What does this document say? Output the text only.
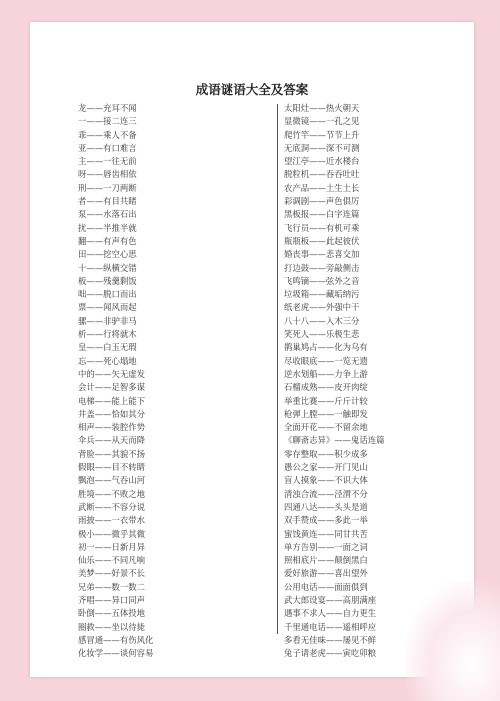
成语谜语大全及答案
龙——充耳不闻
一——接二连三
乖——乘人不备
亚——有口难言
主——一往无前
呀——唇齿相依
刑——一刀两断
者——有目共睹
泵——水落石出
扰——半推半就
翻——有声有色
田——挖空心思
十——纵横交错
板——残羹剩饭
咄——脱口而出
票——闻风而起
骡——非驴非马
析——行将就木
皇——白玉无瑕
忘——死心塌地
中的——矢无虚发
会计——足智多谋
电梯——能上能下
井盖——恰如其分
相声——装腔作势
伞兵——从天而降
背脸——其貌不扬
假眼——目不转睛
飘泡——气吞山河
胜境——不败之地
武断——不容分说
雨披——一衣带水
极小——微乎其微
初一——日新月异
仙乐——不同凡响
美梦——好景不长
兄弟——数一数二
齐唱——异口同声
卧倒——五体投地
圈救——坐以待毙
感冒通——有伤风化
化妆学——谈何容易
太阳灶——热火朝天
显微镜——一孔之见
爬竹竿——节节上升
无底洞——深不可测
望江亭——近水楼台
脱粒机——吞吞吐吐
农产品——土生土长
彩调剧——声色俱厉
黑板报——白字连篇
飞行员——有机可乘
瓶瓶板——此起彼伏
婚丧事——悲喜交加
打边鼓——旁敲侧击
飞鸣镝——弦外之音
垃圾箱——藏垢纳污
纸老虎——外强中干
八十八——入木三分
笑死人——乐极生悲
鹊巢鸠占——化为乌有
尽收眼底——一览无遗
逆水划船——力争上游
石榴成熟——皮开肉绽
举重比赛——斤斤计较
枪弹上膛——一触即发
全面开花——不留余地
《聊斋志异》——鬼话连篇
零存整取——积少成多
愚公之家——开门见山
盲人摸象——不识大体
清浊合流——泾渭不分
四通八达——头头是道
双手赞成——多此一举
蜜饯黄连——同甘共苦
单方告别——一面之词
照相底片——颠倒黑白
爱好旅游——喜出望外
公用电话——面面俱到
武大郎设宴——高朋满座
遇事不求人——自力更生
千里通电话——遥相呼应
多看无佳味——屡见不鲜
兔子请老虎——寅吃卯粮
